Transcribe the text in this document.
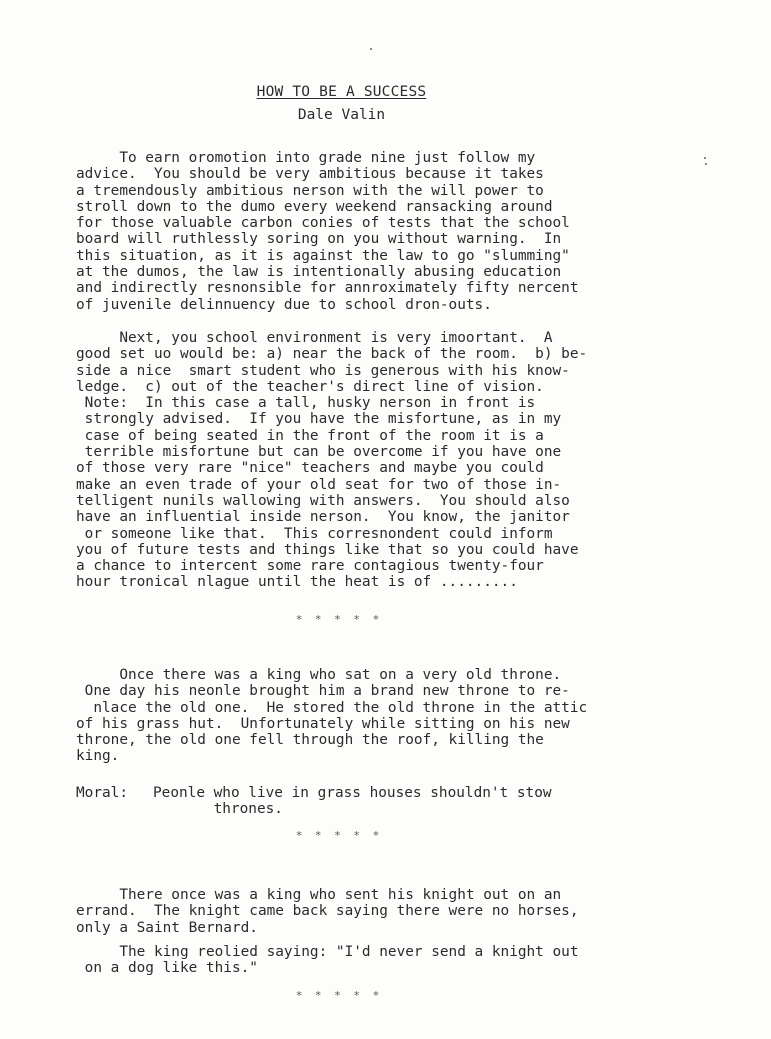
HOW TO BE A SUCCESS

Dale Valin

To earn oromotion into grade nine just follow my
advice.  You should be very ambitious because it takes
a tremendously ambitious nerson with the will power to
stroll down to the dumo every weekend ransacking around
for those valuable carbon conies of tests that the school
board will ruthlessly soring on you without warning.  In
this situation, as it is against the law to go "slumming"
at the dumos, the law is intentionally abusing education
and indirectly resnonsible for annroximately fifty nercent
of juvenile delinnuency due to school dron-outs.

Next, you school environment is very imoortant.  A
good set uo would be: a) near the back of the room.  b) be-
side a nice  smart student who is generous with his know-
ledge.  c) out of the teacher's direct line of vision.
Note:  In this case a tall, husky nerson in front is
strongly advised.  If you have the misfortune, as in my
case of being seated in the front of the room it is a
terrible misfortune but can be overcome if you have one
of those very rare "nice" teachers and maybe you could
make an even trade of your old seat for two of those in-
telligent nunils wallowing with answers.  You should also
have an influential inside nerson.  You know, the janitor
or someone like that.  This corresnondent could inform
you of future tests and things like that so you could have
a chance to intercent some rare contagious twenty-four
hour tronical nlague until the heat is of .........

* * * * *

Once there was a king who sat on a very old throne.
One day his neonle brought him a brand new throne to re-
nlace the old one.  He stored the old throne in the attic
of his grass hut.  Unfortunately while sitting on his new
throne, the old one fell through the roof, killing the
king.

Moral: Peonle who live in grass houses shouldn't stow
thrones.

* * * * *

There once was a king who sent his knight out on an
errand.  The knight came back saying there were no horses,
only a Saint Bernard.

The king reolied saying: "I'd never send a knight out
on a dog like this."

* * * * *
